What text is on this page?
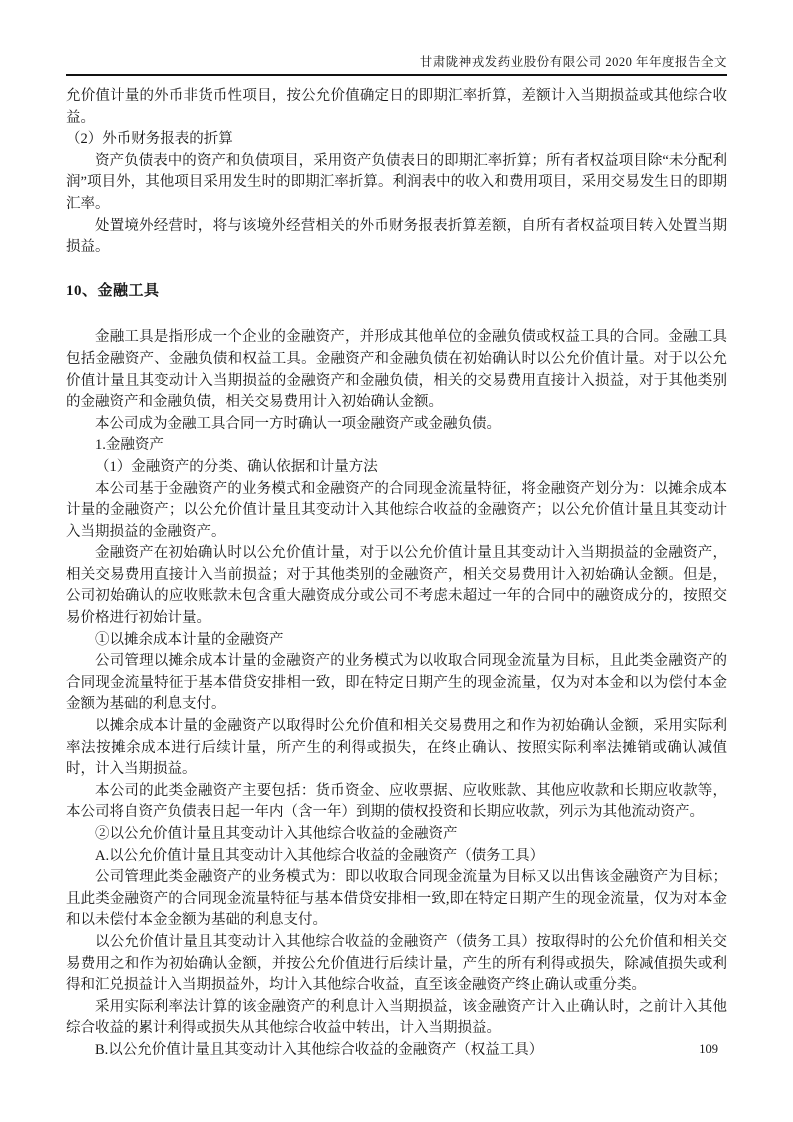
甘肃陇神戎发药业股份有限公司 2020 年年度报告全文

允价值计量的外币非货币性项目，按公允价值确定日的即期汇率折算，差额计入当期损益或其他综合收益。

（2）外币财务报表的折算

资产负债表中的资产和负债项目，采用资产负债表日的即期汇率折算；所有者权益项目除“未分配利润”项目外，其他项目采用发生时的即期汇率折算。利润表中的收入和费用项目，采用交易发生日的即期汇率。

处置境外经营时，将与该境外经营相关的外币财务报表折算差额，自所有者权益项目转入处置当期损益。

10、金融工具

金融工具是指形成一个企业的金融资产，并形成其他单位的金融负债或权益工具的合同。金融工具包括金融资产、金融负债和权益工具。金融资产和金融负债在初始确认时以公允价值计量。对于以公允价值计量且其变动计入当期损益的金融资产和金融负债，相关的交易费用直接计入损益，对于其他类别的金融资产和金融负债，相关交易费用计入初始确认金额。

本公司成为金融工具合同一方时确认一项金融资产或金融负债。

1.金融资产

（1）金融资产的分类、确认依据和计量方法

本公司基于金融资产的业务模式和金融资产的合同现金流量特征，将金融资产划分为：以摊余成本计量的金融资产；以公允价值计量且其变动计入其他综合收益的金融资产；以公允价值计量且其变动计入当期损益的金融资产。

金融资产在初始确认时以公允价值计量，对于以公允价值计量且其变动计入当期损益的金融资产，相关交易费用直接计入当前损益；对于其他类别的金融资产，相关交易费用计入初始确认金额。但是，公司初始确认的应收账款未包含重大融资成分或公司不考虑未超过一年的合同中的融资成分的，按照交易价格进行初始计量。

①以摊余成本计量的金融资产

公司管理以摊余成本计量的金融资产的业务模式为以收取合同现金流量为目标，且此类金融资产的合同现金流量特征于基本借贷安排相一致，即在特定日期产生的现金流量，仅为对本金和以为偿付本金金额为基础的利息支付。

以摊余成本计量的金融资产以取得时公允价值和相关交易费用之和作为初始确认金额，采用实际利率法按摊余成本进行后续计量，所产生的利得或损失，在终止确认、按照实际利率法摊销或确认减值时，计入当期损益。

本公司的此类金融资产主要包括：货币资金、应收票据、应收账款、其他应收款和长期应收款等，本公司将自资产负债表日起一年内（含一年）到期的债权投资和长期应收款，列示为其他流动资产。

②以公允价值计量且其变动计入其他综合收益的金融资产

A.以公允价值计量且其变动计入其他综合收益的金融资产（债务工具）

公司管理此类金融资产的业务模式为：即以收取合同现金流量为目标又以出售该金融资产为目标；且此类金融资产的合同现金流量特征与基本借贷安排相一致,即在特定日期产生的现金流量，仅为对本金和以未偿付本金金额为基础的利息支付。

以公允价值计量且其变动计入其他综合收益的金融资产（债务工具）按取得时的公允价值和相关交易费用之和作为初始确认金额，并按公允价值进行后续计量，产生的所有利得或损失，除减值损失或利得和汇兑损益计入当期损益外，均计入其他综合收益，直至该金融资产终止确认或重分类。

采用实际利率法计算的该金融资产的利息计入当期损益，该金融资产计入止确认时，之前计入其他综合收益的累计利得或损失从其他综合收益中转出，计入当期损益。

B.以公允价值计量且其变动计入其他综合收益的金融资产（权益工具）	109
